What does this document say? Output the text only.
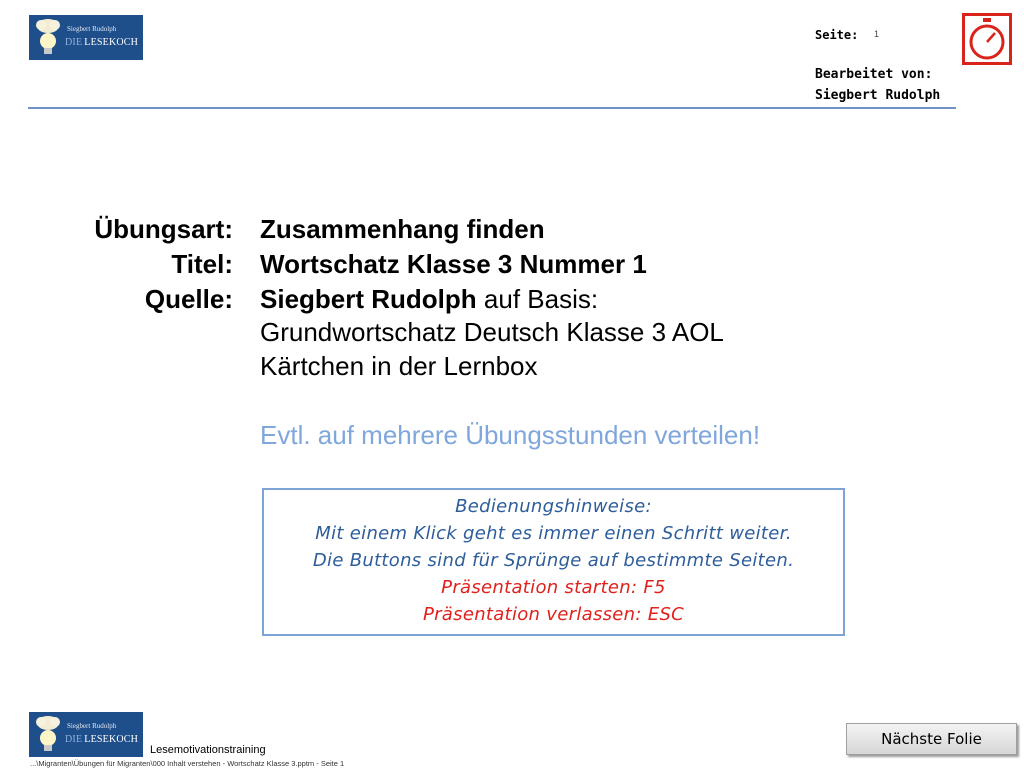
Siegbert Rudolph
DIE LESEKOCH
Seite: 1
Bearbeitet von:
Siegbert Rudolph
Übungsart: Zusammenhang finden
Titel: Wortschatz Klasse 3 Nummer 1
Quelle: Siegbert Rudolph auf Basis:
Grundwortschatz Deutsch Klasse 3 AOL
Kärtchen in der Lernbox
Evtl. auf mehrere Übungsstunden verteilen!
Bedienungshinweise:
Mit einem Klick geht es immer einen Schritt weiter.
Die Buttons sind für Sprünge auf bestimmte Seiten.
Präsentation starten: F5
Präsentation verlassen: ESC
Siegbert Rudolph
DIE LESEKOCH
Lesemotivationstraining
...\Migranten\Übungen für Migranten\000 Inhalt verstehen - Wortschatz Klasse 3.pptm - Seite 1
Nächste Folie
